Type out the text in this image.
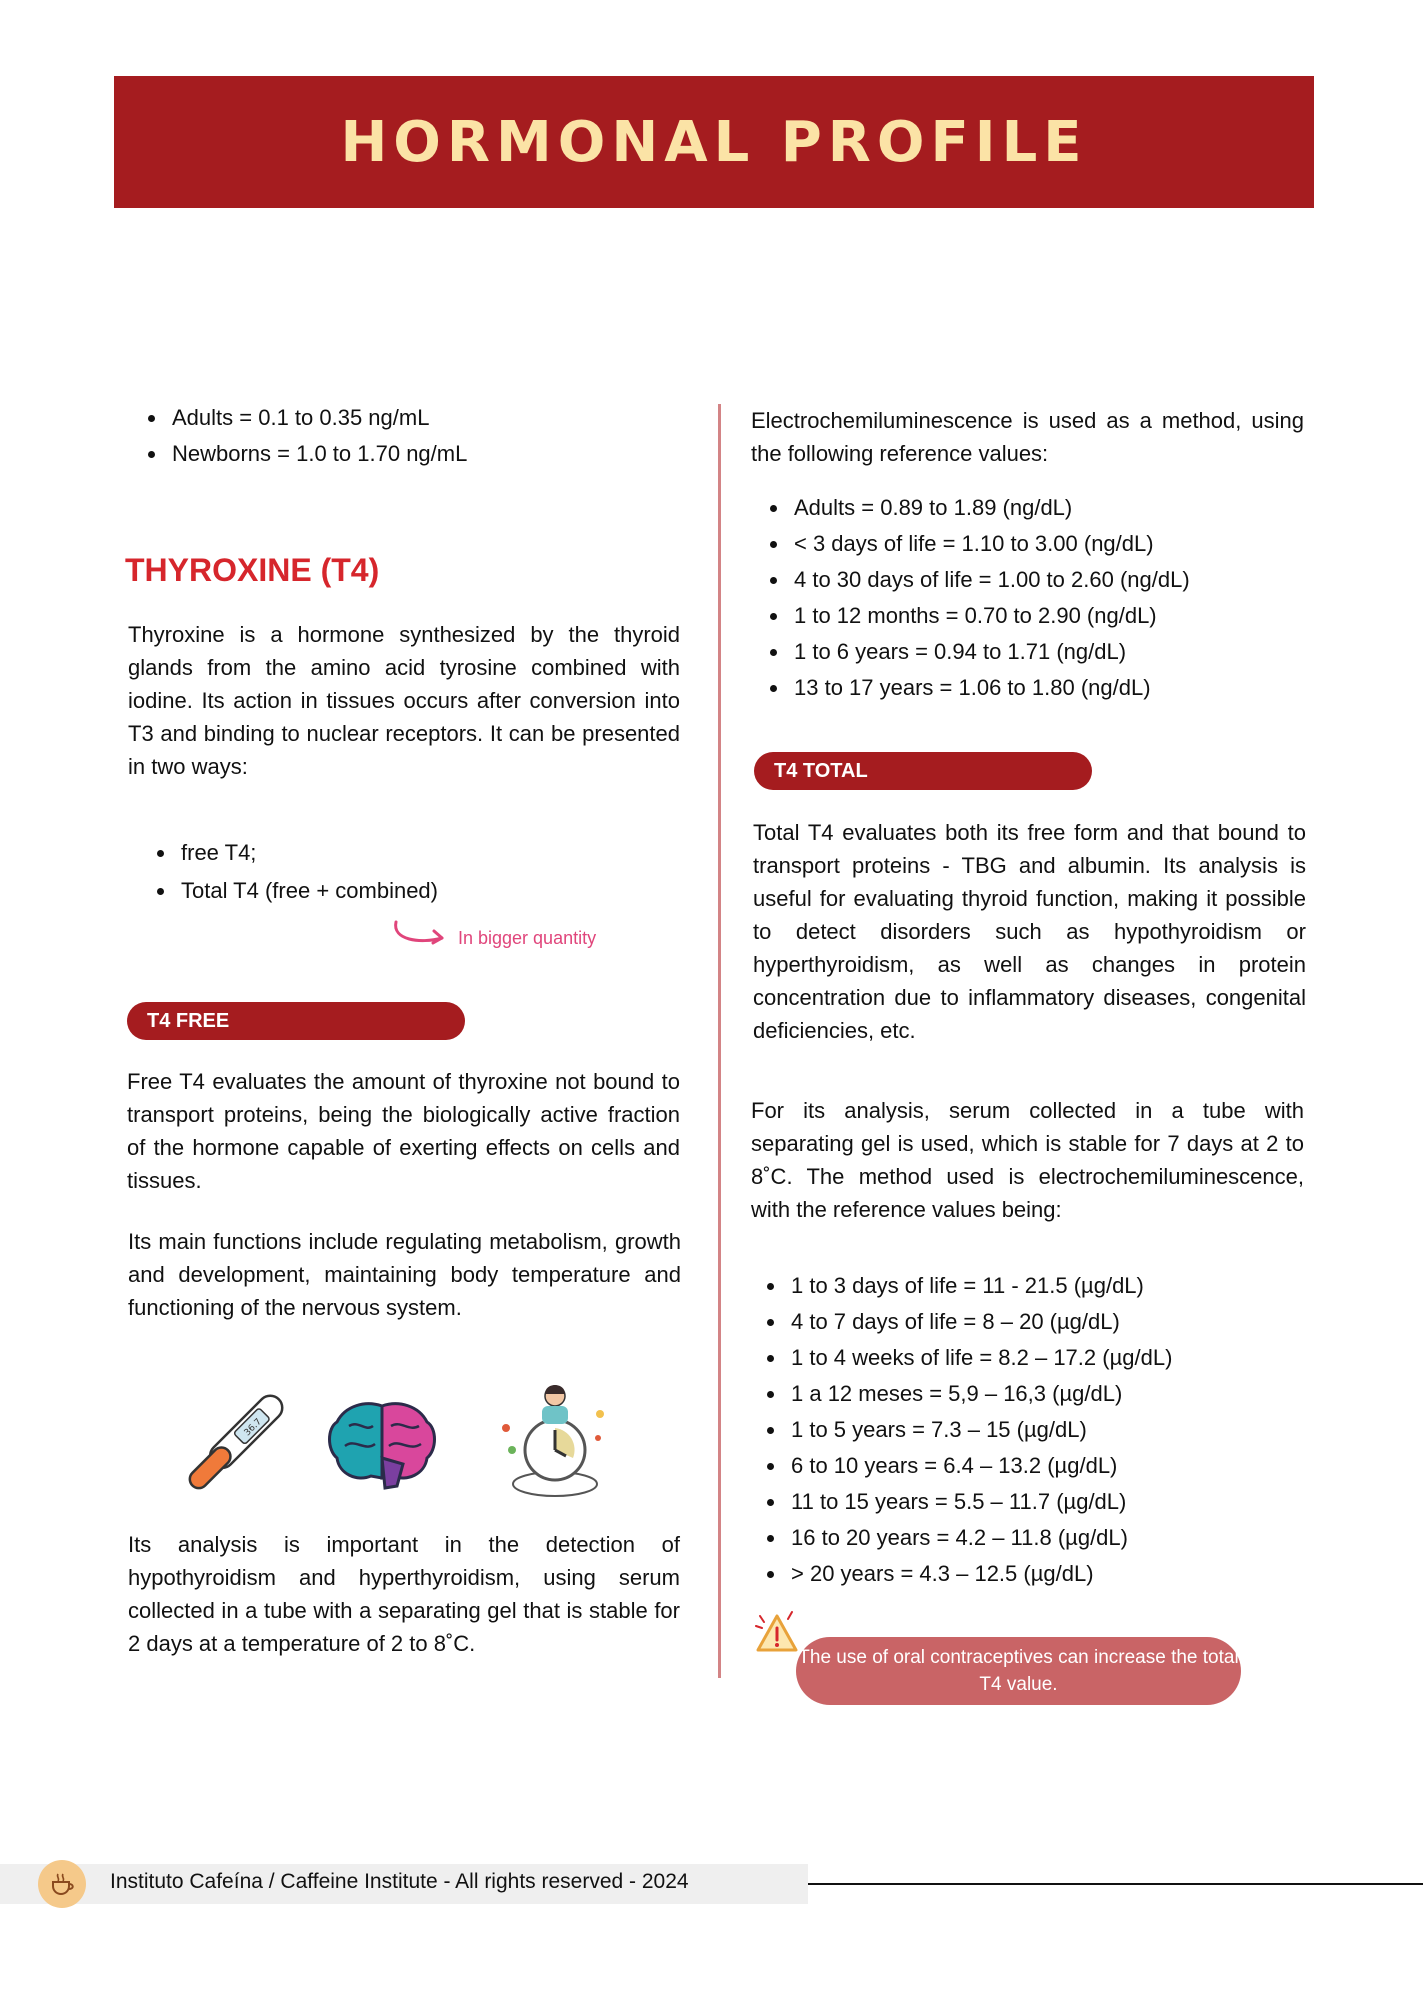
HORMONAL PROFILE
• Adults = 0.1 to 0.35 ng/mL
• Newborns = 1.0 to 1.70 ng/mL
THYROXINE (T4)
Thyroxine is a hormone synthesized by the thyroid glands from the amino acid tyrosine combined with iodine. Its action in tissues occurs after conversion into T3 and binding to nuclear receptors. It can be presented in two ways:
• free T4;
• Total T4 (free + combined)
In bigger quantity
T4 FREE
Free T4 evaluates the amount of thyroxine not bound to transport proteins, being the biologically active fraction of the hormone capable of exerting effects on cells and tissues.
Its main functions include regulating metabolism, growth and development, maintaining body temperature and functioning of the nervous system.
36.7
Its analysis is important in the detection of hypothyroidism and hyperthyroidism, using serum collected in a tube with a separating gel that is stable for 2 days at a temperature of 2 to 8˚C.
Electrochemiluminescence is used as a method, using the following reference values:
• Adults = 0.89 to 1.89 (ng/dL)
• < 3 days of life = 1.10 to 3.00 (ng/dL)
• 4 to 30 days of life = 1.00 to 2.60 (ng/dL)
• 1 to 12 months = 0.70 to 2.90 (ng/dL)
• 1 to 6 years = 0.94 to 1.71 (ng/dL)
• 13 to 17 years = 1.06 to 1.80 (ng/dL)
T4 TOTAL
Total T4 evaluates both its free form and that bound to transport proteins - TBG and albumin. Its analysis is useful for evaluating thyroid function, making it possible to detect disorders such as hypothyroidism or hyperthyroidism, as well as changes in protein concentration due to inflammatory diseases, congenital deficiencies, etc.
For its analysis, serum collected in a tube with separating gel is used, which is stable for 7 days at 2 to 8˚C. The method used is electrochemiluminescence, with the reference values being:
• 1 to 3 days of life = 11 - 21.5 (µg/dL)
• 4 to 7 days of life = 8 – 20 (µg/dL)
• 1 to 4 weeks of life = 8.2 – 17.2 (µg/dL)
• 1 a 12 meses = 5,9 – 16,3 (µg/dL)
• 1 to 5 years = 7.3 – 15 (µg/dL)
• 6 to 10 years = 6.4 – 13.2 (µg/dL)
• 11 to 15 years = 5.5 – 11.7 (µg/dL)
• 16 to 20 years = 4.2 – 11.8 (µg/dL)
• > 20 years = 4.3 – 12.5 (µg/dL)
The use of oral contraceptives can increase the total T4 value.
Instituto Cafeína / Caffeine Institute - All rights reserved - 2024
